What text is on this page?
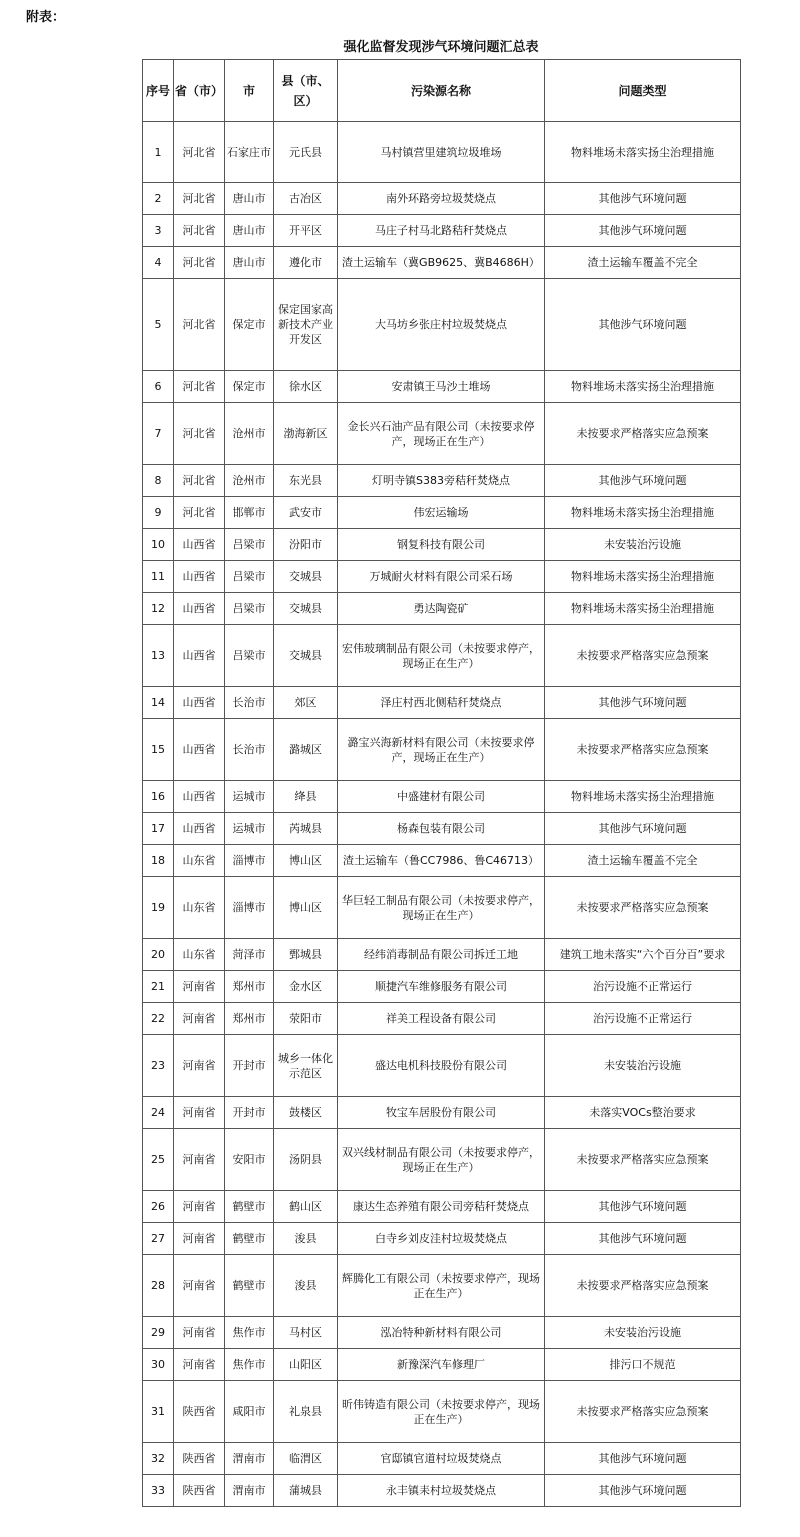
附表：
强化监督发现涉气环境问题汇总表
序号	省（市）	市	县（市、区）	污染源名称	问题类型
1	河北省	石家庄市	元氏县	马村镇营里建筑垃圾堆场	物料堆场未落实扬尘治理措施
2	河北省	唐山市	古冶区	南外环路旁垃圾焚烧点	其他涉气环境问题
3	河北省	唐山市	开平区	马庄子村马北路秸秆焚烧点	其他涉气环境问题
4	河北省	唐山市	遵化市	渣土运输车（冀GB9625、冀B4686H）	渣土运输车覆盖不完全
5	河北省	保定市	保定国家高新技术产业开发区	大马坊乡张庄村垃圾焚烧点	其他涉气环境问题
6	河北省	保定市	徐水区	安肃镇王马沙土堆场	物料堆场未落实扬尘治理措施
7	河北省	沧州市	渤海新区	金长兴石油产品有限公司（未按要求停产，现场正在生产）	未按要求严格落实应急预案
8	河北省	沧州市	东光县	灯明寺镇S383旁秸秆焚烧点	其他涉气环境问题
9	河北省	邯郸市	武安市	伟宏运输场	物料堆场未落实扬尘治理措施
10	山西省	吕梁市	汾阳市	钢复科技有限公司	未安装治污设施
11	山西省	吕梁市	交城县	万城耐火材料有限公司采石场	物料堆场未落实扬尘治理措施
12	山西省	吕梁市	交城县	勇达陶瓷矿	物料堆场未落实扬尘治理措施
13	山西省	吕梁市	交城县	宏伟玻璃制品有限公司（未按要求停产，现场正在生产）	未按要求严格落实应急预案
14	山西省	长治市	郊区	泽庄村西北侧秸秆焚烧点	其他涉气环境问题
15	山西省	长治市	潞城区	潞宝兴海新材料有限公司（未按要求停产，现场正在生产）	未按要求严格落实应急预案
16	山西省	运城市	绛县	中盛建材有限公司	物料堆场未落实扬尘治理措施
17	山西省	运城市	芮城县	杨森包装有限公司	其他涉气环境问题
18	山东省	淄博市	博山区	渣土运输车（鲁CC7986、鲁C46713）	渣土运输车覆盖不完全
19	山东省	淄博市	博山区	华巨轻工制品有限公司（未按要求停产，现场正在生产）	未按要求严格落实应急预案
20	山东省	菏泽市	鄄城县	经纬消毒制品有限公司拆迁工地	建筑工地未落实“六个百分百”要求
21	河南省	郑州市	金水区	顺捷汽车维修服务有限公司	治污设施不正常运行
22	河南省	郑州市	荥阳市	祥美工程设备有限公司	治污设施不正常运行
23	河南省	开封市	城乡一体化示范区	盛达电机科技股份有限公司	未安装治污设施
24	河南省	开封市	鼓楼区	牧宝车居股份有限公司	未落实VOCs整治要求
25	河南省	安阳市	汤阴县	双兴线材制品有限公司（未按要求停产，现场正在生产）	未按要求严格落实应急预案
26	河南省	鹤壁市	鹤山区	康达生态养殖有限公司旁秸秆焚烧点	其他涉气环境问题
27	河南省	鹤壁市	浚县	白寺乡刘皮洼村垃圾焚烧点	其他涉气环境问题
28	河南省	鹤壁市	浚县	辉腾化工有限公司（未按要求停产，现场正在生产）	未按要求严格落实应急预案
29	河南省	焦作市	马村区	泓冶特种新材料有限公司	未安装治污设施
30	河南省	焦作市	山阳区	新豫深汽车修理厂	排污口不规范
31	陕西省	咸阳市	礼泉县	昕伟铸造有限公司（未按要求停产，现场正在生产）	未按要求严格落实应急预案
32	陕西省	渭南市	临渭区	官邸镇官道村垃圾焚烧点	其他涉气环境问题
33	陕西省	渭南市	蒲城县	永丰镇耒村垃圾焚烧点	其他涉气环境问题
